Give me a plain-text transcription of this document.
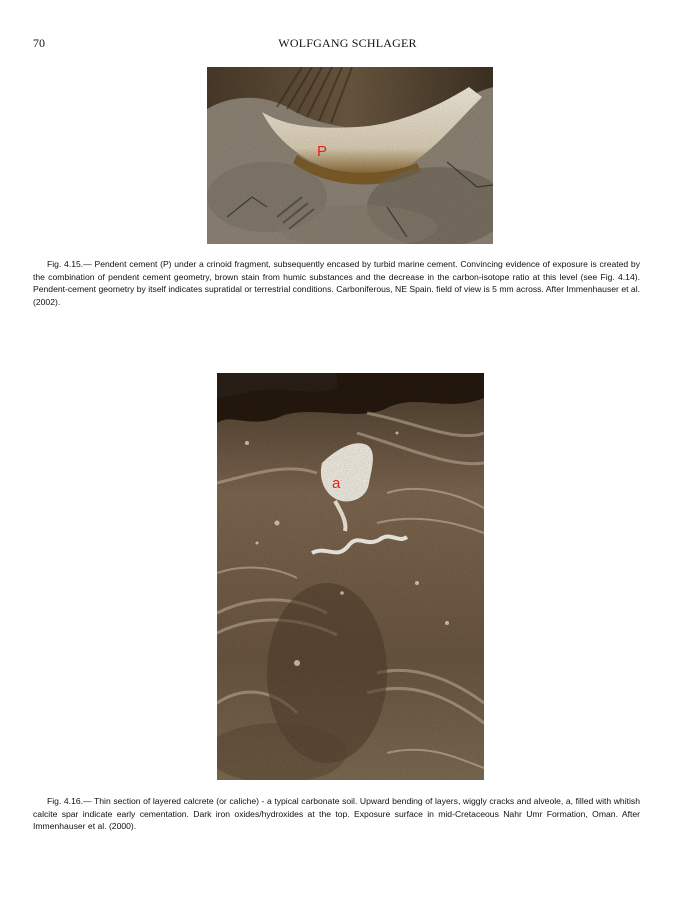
70	WOLFGANG SCHLAGER
P
Fig. 4.15.— Pendent cement (P) under a crinoid fragment, subsequently encased by turbid marine cement. Convincing evidence of exposure is created by the combination of pendent cement geometry, brown stain from humic substances and the decrease in the carbon-isotope ratio at this level (see Fig. 4.14). Pendent-cement geometry by itself indicates supratidal or terrestrial conditions. Carboniferous, NE Spain. field of view is 5 mm across. After Immenhauser et al.(2002).
a
Fig. 4.16.— Thin section of layered calcrete (or caliche) - a typical carbonate soil. Upward bending of layers, wiggly cracks and alveole, a, filled with whitish calcite spar indicate early cementation. Dark iron oxides/hydroxides at the top. Exposure surface in mid-Cretaceous Nahr Umr Formation, Oman. After Immenhauser et al. (2000).
